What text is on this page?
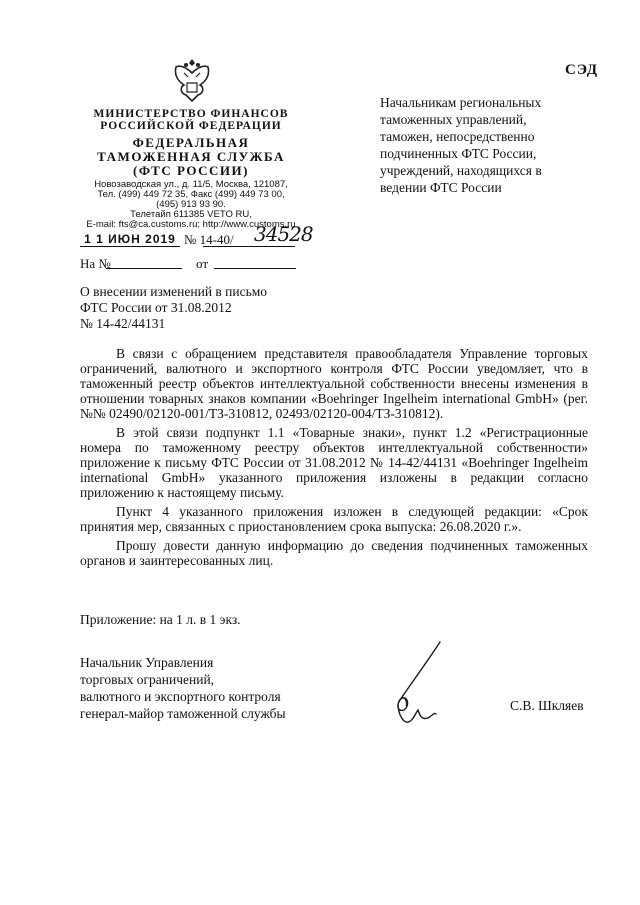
СЭД
МИНИСТЕРСТВО ФИНАНСОВ
РОССИЙСКОЙ ФЕДЕРАЦИИ
ФЕДЕРАЛЬНАЯ
ТАМОЖЕННАЯ СЛУЖБА
(ФТС РОССИИ)
Новозаводская ул., д. 11/5, Москва, 121087,
Тел. (499) 449 72 35, Факс (499) 449 73 00,
(495) 913 93 90.
Телетайп 611385 VETO RU,
E-mail: fts@ca.customs.ru; http://www.customs.ru
Начальникам региональных
таможенных управлений,
таможен, непосредственно
подчиненных ФТС России,
учреждений, находящихся в
ведении ФТС России
1 1 ИЮН 2019 № 14-40/ 34528
На №	от
О внесении изменений в письмо
ФТС России от 31.08.2012
№ 14-42/44131

В связи с обращением представителя правообладателя Управление торговых ограничений, валютного и экспортного контроля ФТС России уведомляет, что в таможенный реестр объектов интеллектуальной собственности внесены изменения в отношении товарных знаков компании «Boehringer Ingelheim international GmbH» (рег. №№ 02490/02120-001/ТЗ-310812, 02493/02120-004/ТЗ-310812).

В этой связи подпункт 1.1 «Товарные знаки», пункт 1.2 «Регистрационные номера по таможенному реестру объектов интеллектуальной собственности» приложение к письму ФТС России от 31.08.2012 № 14-42/44131 «Boehringer Ingelheim international GmbH» указанного приложения изложены в редакции согласно приложению к настоящему письму.

Пункт 4 указанного приложения изложен в следующей редакции: «Срок принятия мер, связанных с приостановлением срока выпуска: 26.08.2020 г.».

Прошу довести данную информацию до сведения подчиненных таможенных органов и заинтересованных лиц.

Приложение: на 1 л. в 1 экз.
Начальник Управления
торговых ограничений,
валютного и экспортного контроля
генерал-майор таможенной службы
С.В. Шкляев
